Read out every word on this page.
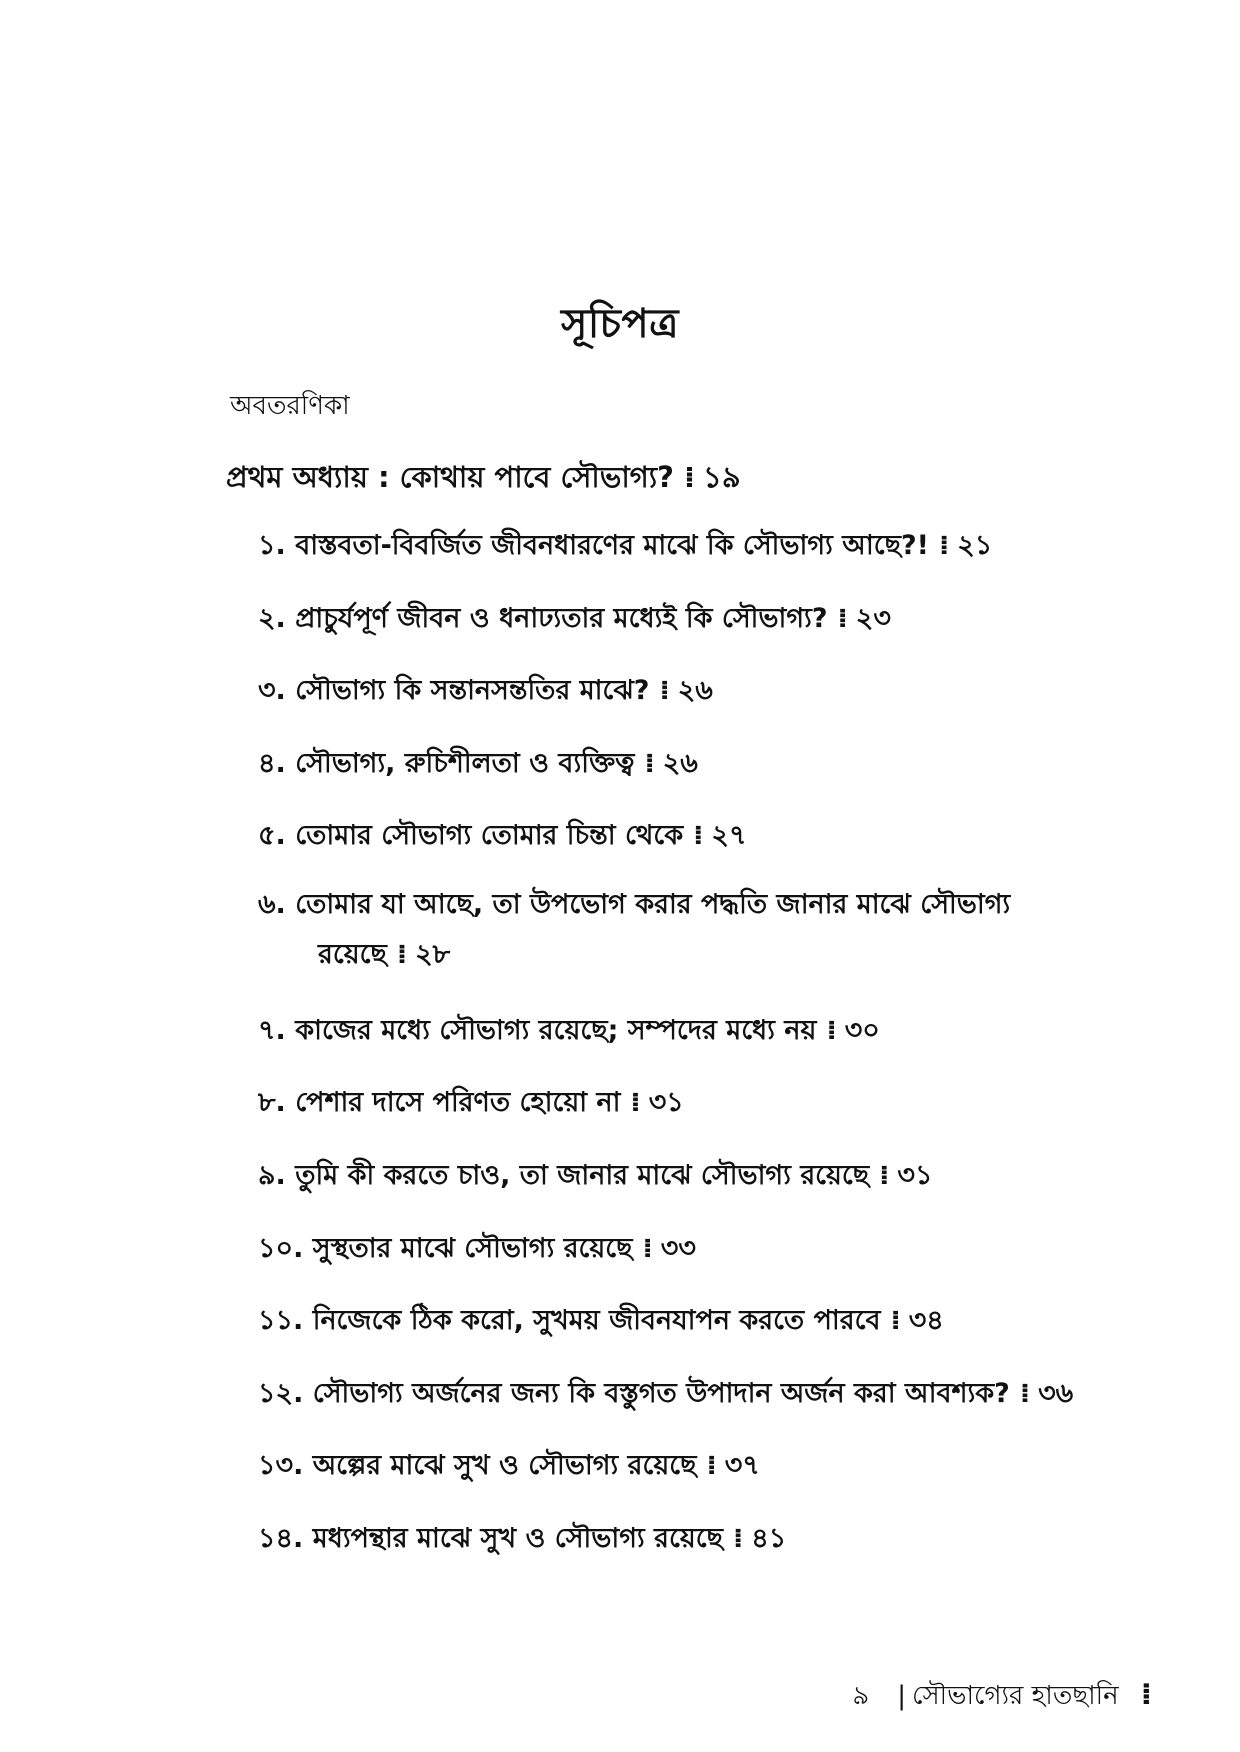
সূচিপত্র
অবতরণিকা
প্রথম অধ্যায় : কোথায় পাবে সৌভাগ্য? ⁞ ১৯
১. বাস্তবতা-বিবর্জিত জীবনধারণের মাঝে কি সৌভাগ্য আছে?! ⁞ ২১
২. প্রাচুর্যপূর্ণ জীবন ও ধনাঢ্যতার মধ্যেই কি সৌভাগ্য? ⁞ ২৩
৩. সৌভাগ্য কি সন্তানসন্ততির মাঝে? ⁞ ২৬
৪. সৌভাগ্য, রুচিশীলতা ও ব্যক্তিত্ব ⁞ ২৬
৫. তোমার সৌভাগ্য তোমার চিন্তা থেকে ⁞ ২৭
৬. তোমার যা আছে, তা উপভোগ করার পদ্ধতি জানার মাঝে সৌভাগ্য
রয়েছে ⁞ ২৮
৭. কাজের মধ্যে সৌভাগ্য রয়েছে; সম্পদের মধ্যে নয় ⁞ ৩০
৮. পেশার দাসে পরিণত হোয়ো না ⁞ ৩১
৯. তুমি কী করতে চাও, তা জানার মাঝে সৌভাগ্য রয়েছে ⁞ ৩১
১০. সুস্থতার মাঝে সৌভাগ্য রয়েছে ⁞ ৩৩
১১. নিজেকে ঠিক করো, সুখময় জীবনযাপন করতে পারবে ⁞ ৩৪
১২. সৌভাগ্য অর্জনের জন্য কি বস্তুগত উপাদান অর্জন করা আবশ্যক? ⁞ ৩৬
১৩. অল্পের মাঝে সুখ ও সৌভাগ্য রয়েছে ⁞ ৩৭
১৪. মধ্যপন্থার মাঝে সুখ ও সৌভাগ্য রয়েছে ⁞ ৪১
৯ | সৌভাগ্যের হাতছানি ⁞
